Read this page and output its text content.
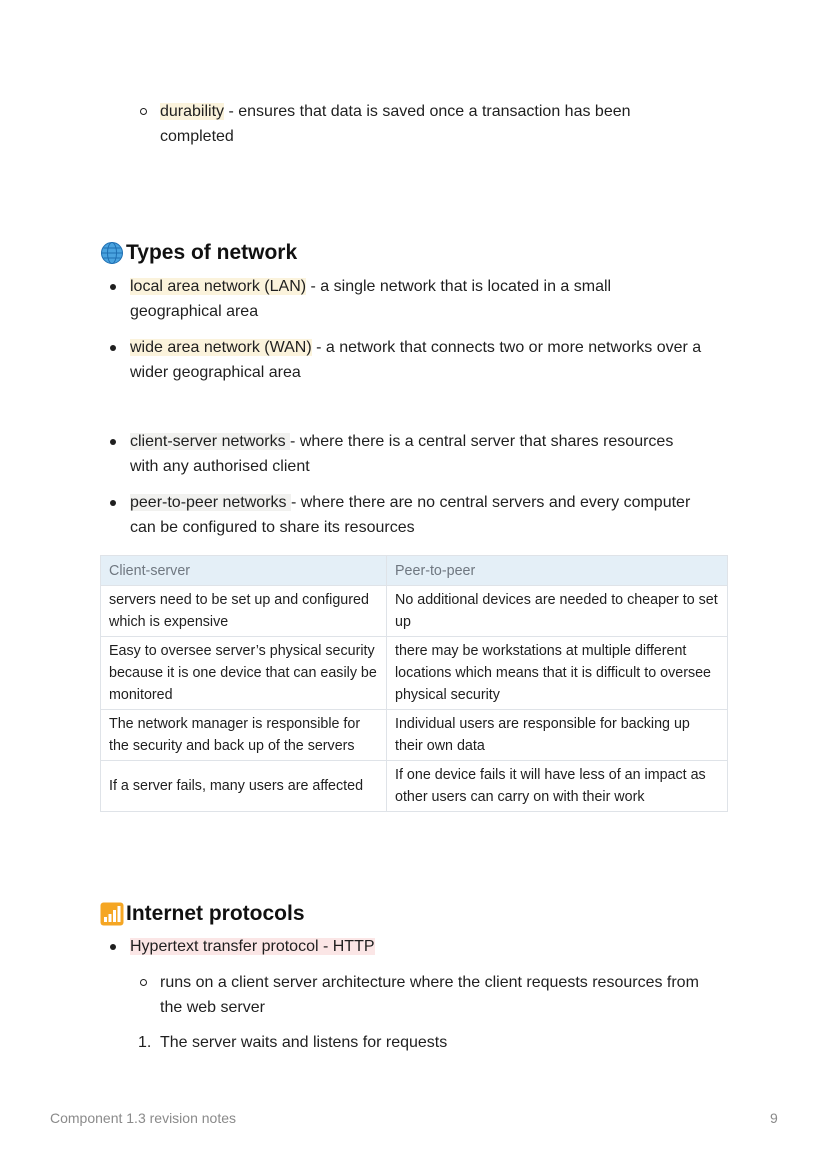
durability - ensures that data is saved once a transaction has been
completed
Types of network
local area network (LAN) - a single network that is located in a small
geographical area
wide area network (WAN) - a network that connects two or more networks over a
wider geographical area
client-server networks - where there is a central server that shares resources
with any authorised client
peer-to-peer networks - where there are no central servers and every computer
can be configured to share its resources
Client-server	Peer-to-peer
servers need to be set up and configured which is expensive	No additional devices are needed to cheaper to set up
Easy to oversee server’s physical security because it is one device that can easily be monitored	there may be workstations at multiple different locations which means that it is difficult to oversee physical security
The network manager is responsible for the security and back up of the servers	Individual users are responsible for backing up their own data
If a server fails, many users are affected	If one device fails it will have less of an impact as other users can carry on with their work
Internet protocols
Hypertext transfer protocol - HTTP
runs on a client server architecture where the client requests resources from
the web server
1. The server waits and listens for requests
Component 1.3 revision notes	9
